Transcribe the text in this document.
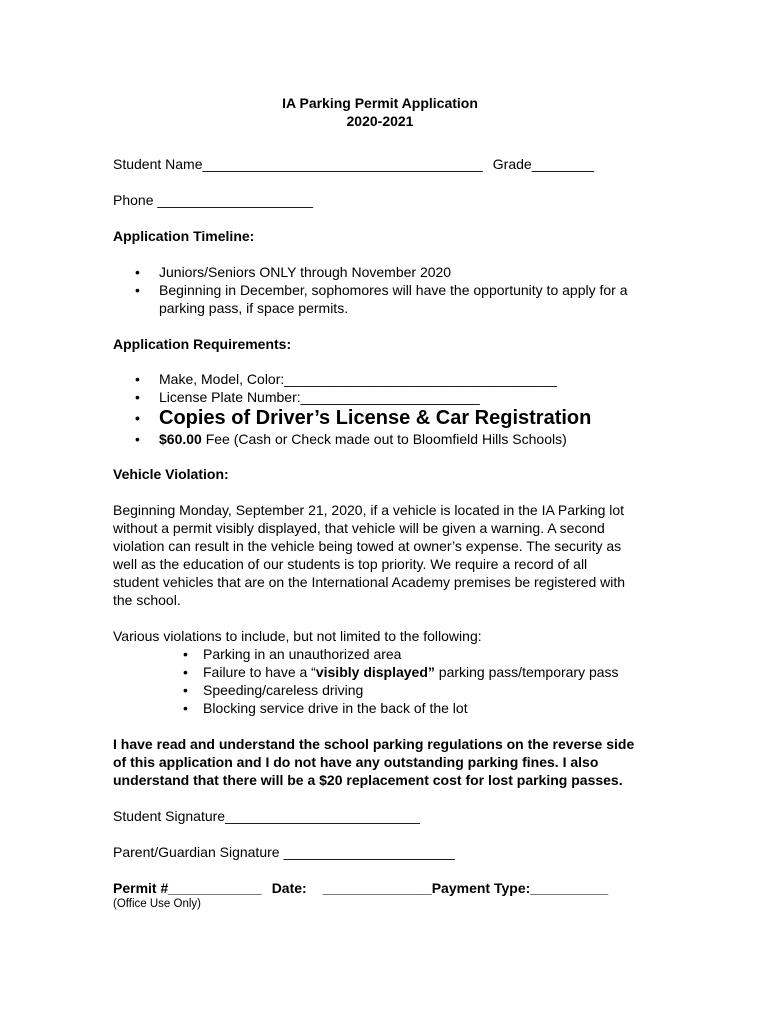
IA Parking Permit Application
2020-2021
Student Name____________________________________ Grade________
Phone ____________________
Application Timeline:
• Juniors/Seniors ONLY through November 2020
• Beginning in December, sophomores will have the opportunity to apply for a parking pass, if space permits.
Application Requirements:
• Make, Model, Color:___________________________________
• License Plate Number:_______________________
• Copies of Driver’s License & Car Registration
• $60.00 Fee (Cash or Check made out to Bloomfield Hills Schools)
Vehicle Violation:
Beginning Monday, September 21, 2020, if a vehicle is located in the IA Parking lot without a permit visibly displayed, that vehicle will be given a warning. A second violation can result in the vehicle being towed at owner’s expense. The security as well as the education of our students is top priority. We require a record of all student vehicles that are on the International Academy premises be registered with the school.
Various violations to include, but not limited to the following:
• Parking in an unauthorized area
• Failure to have a “visibly displayed” parking pass/temporary pass
• Speeding/careless driving
• Blocking service drive in the back of the lot
I have read and understand the school parking regulations on the reverse side of this application and I do not have any outstanding parking fines. I also understand that there will be a $20 replacement cost for lost parking passes.
Student Signature_________________________
Parent/Guardian Signature ______________________
Permit #____________ Date: ______________Payment Type:__________
(Office Use Only)
